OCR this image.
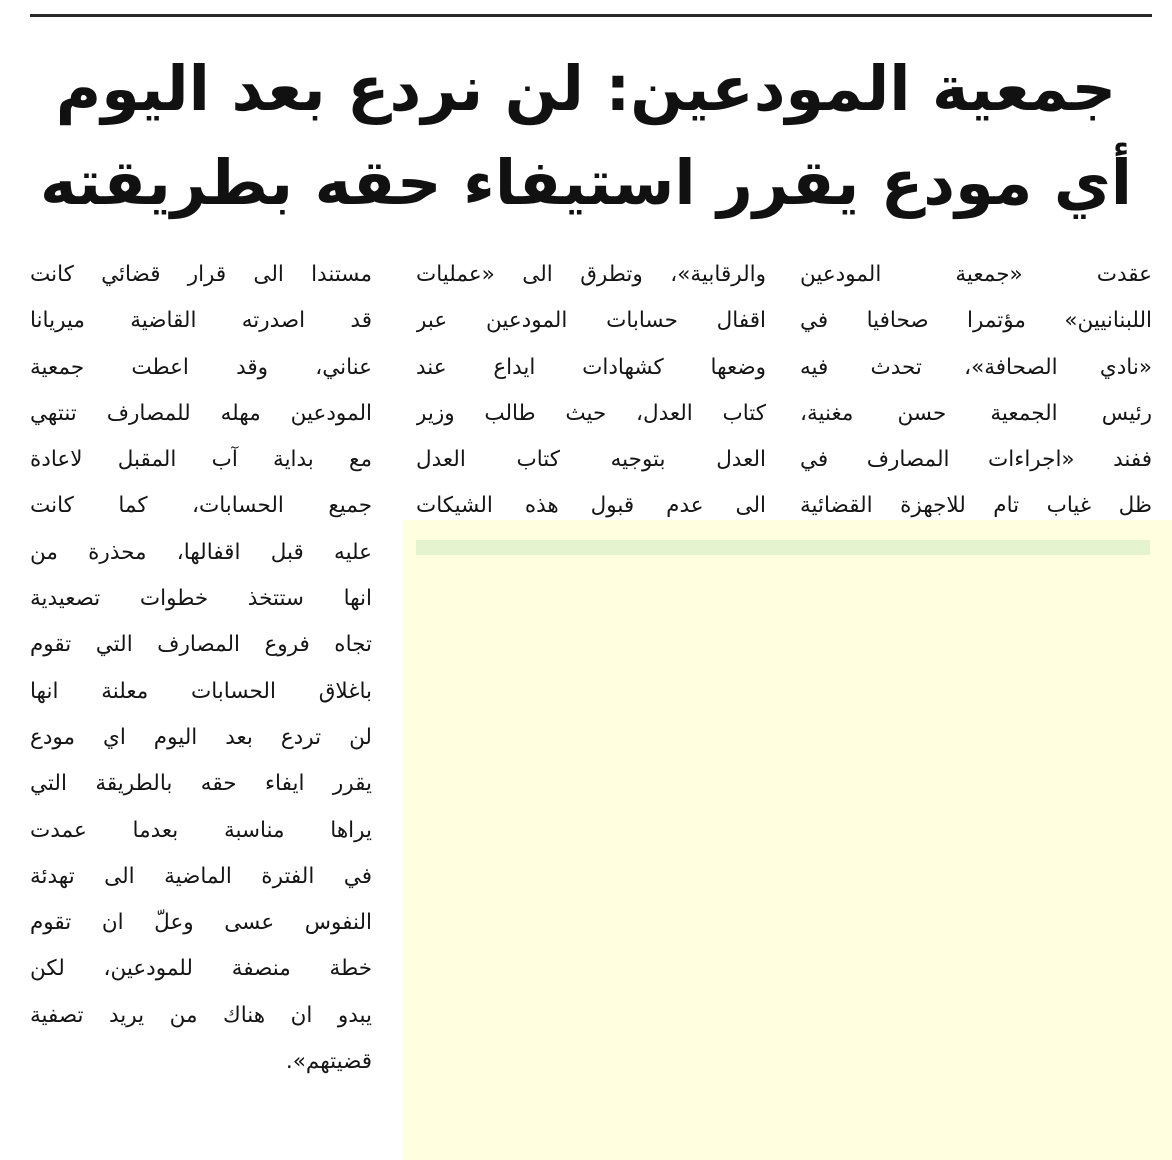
جمعية المودعين: لن نردع بعد اليوم
أي مودع يقرر استيفاء حقه بطريقته
عقدت «جمعية المودعين
اللبنانيين» مؤتمرا صحافيا في
«نادي الصحافة»، تحدث فيه
رئيس الجمعية حسن مغنية،
ففند «اجراءات المصارف في
ظل غياب تام للاجهزة القضائية
والرقابية»، وتطرق الى «عمليات
اقفال حسابات المودعين عبر
وضعها كشهادات ايداع عند
كتاب العدل، حيث طالب وزير
العدل بتوجيه كتاب العدل
الى عدم قبول هذه الشيكات
مستندا الى قرار قضائي كانت
قد اصدرته القاضية ميريانا
عناني، وقد اعطت جمعية
المودعين مهله للمصارف تنتهي
مع بداية آب المقبل لاعادة
جميع الحسابات، كما كانت
عليه قبل اقفالها، محذرة من
انها ستتخذ خطوات تصعيدية
تجاه فروع المصارف التي تقوم
باغلاق الحسابات معلنة انها
لن تردع بعد اليوم اي مودع
يقرر ايفاء حقه بالطريقة التي
يراها مناسبة بعدما عمدت
في الفترة الماضية الى تهدئة
النفوس عسى وعلّ ان تقوم
خطة منصفة للمودعين، لكن
يبدو ان هناك من يريد تصفية
قضيتهم».
